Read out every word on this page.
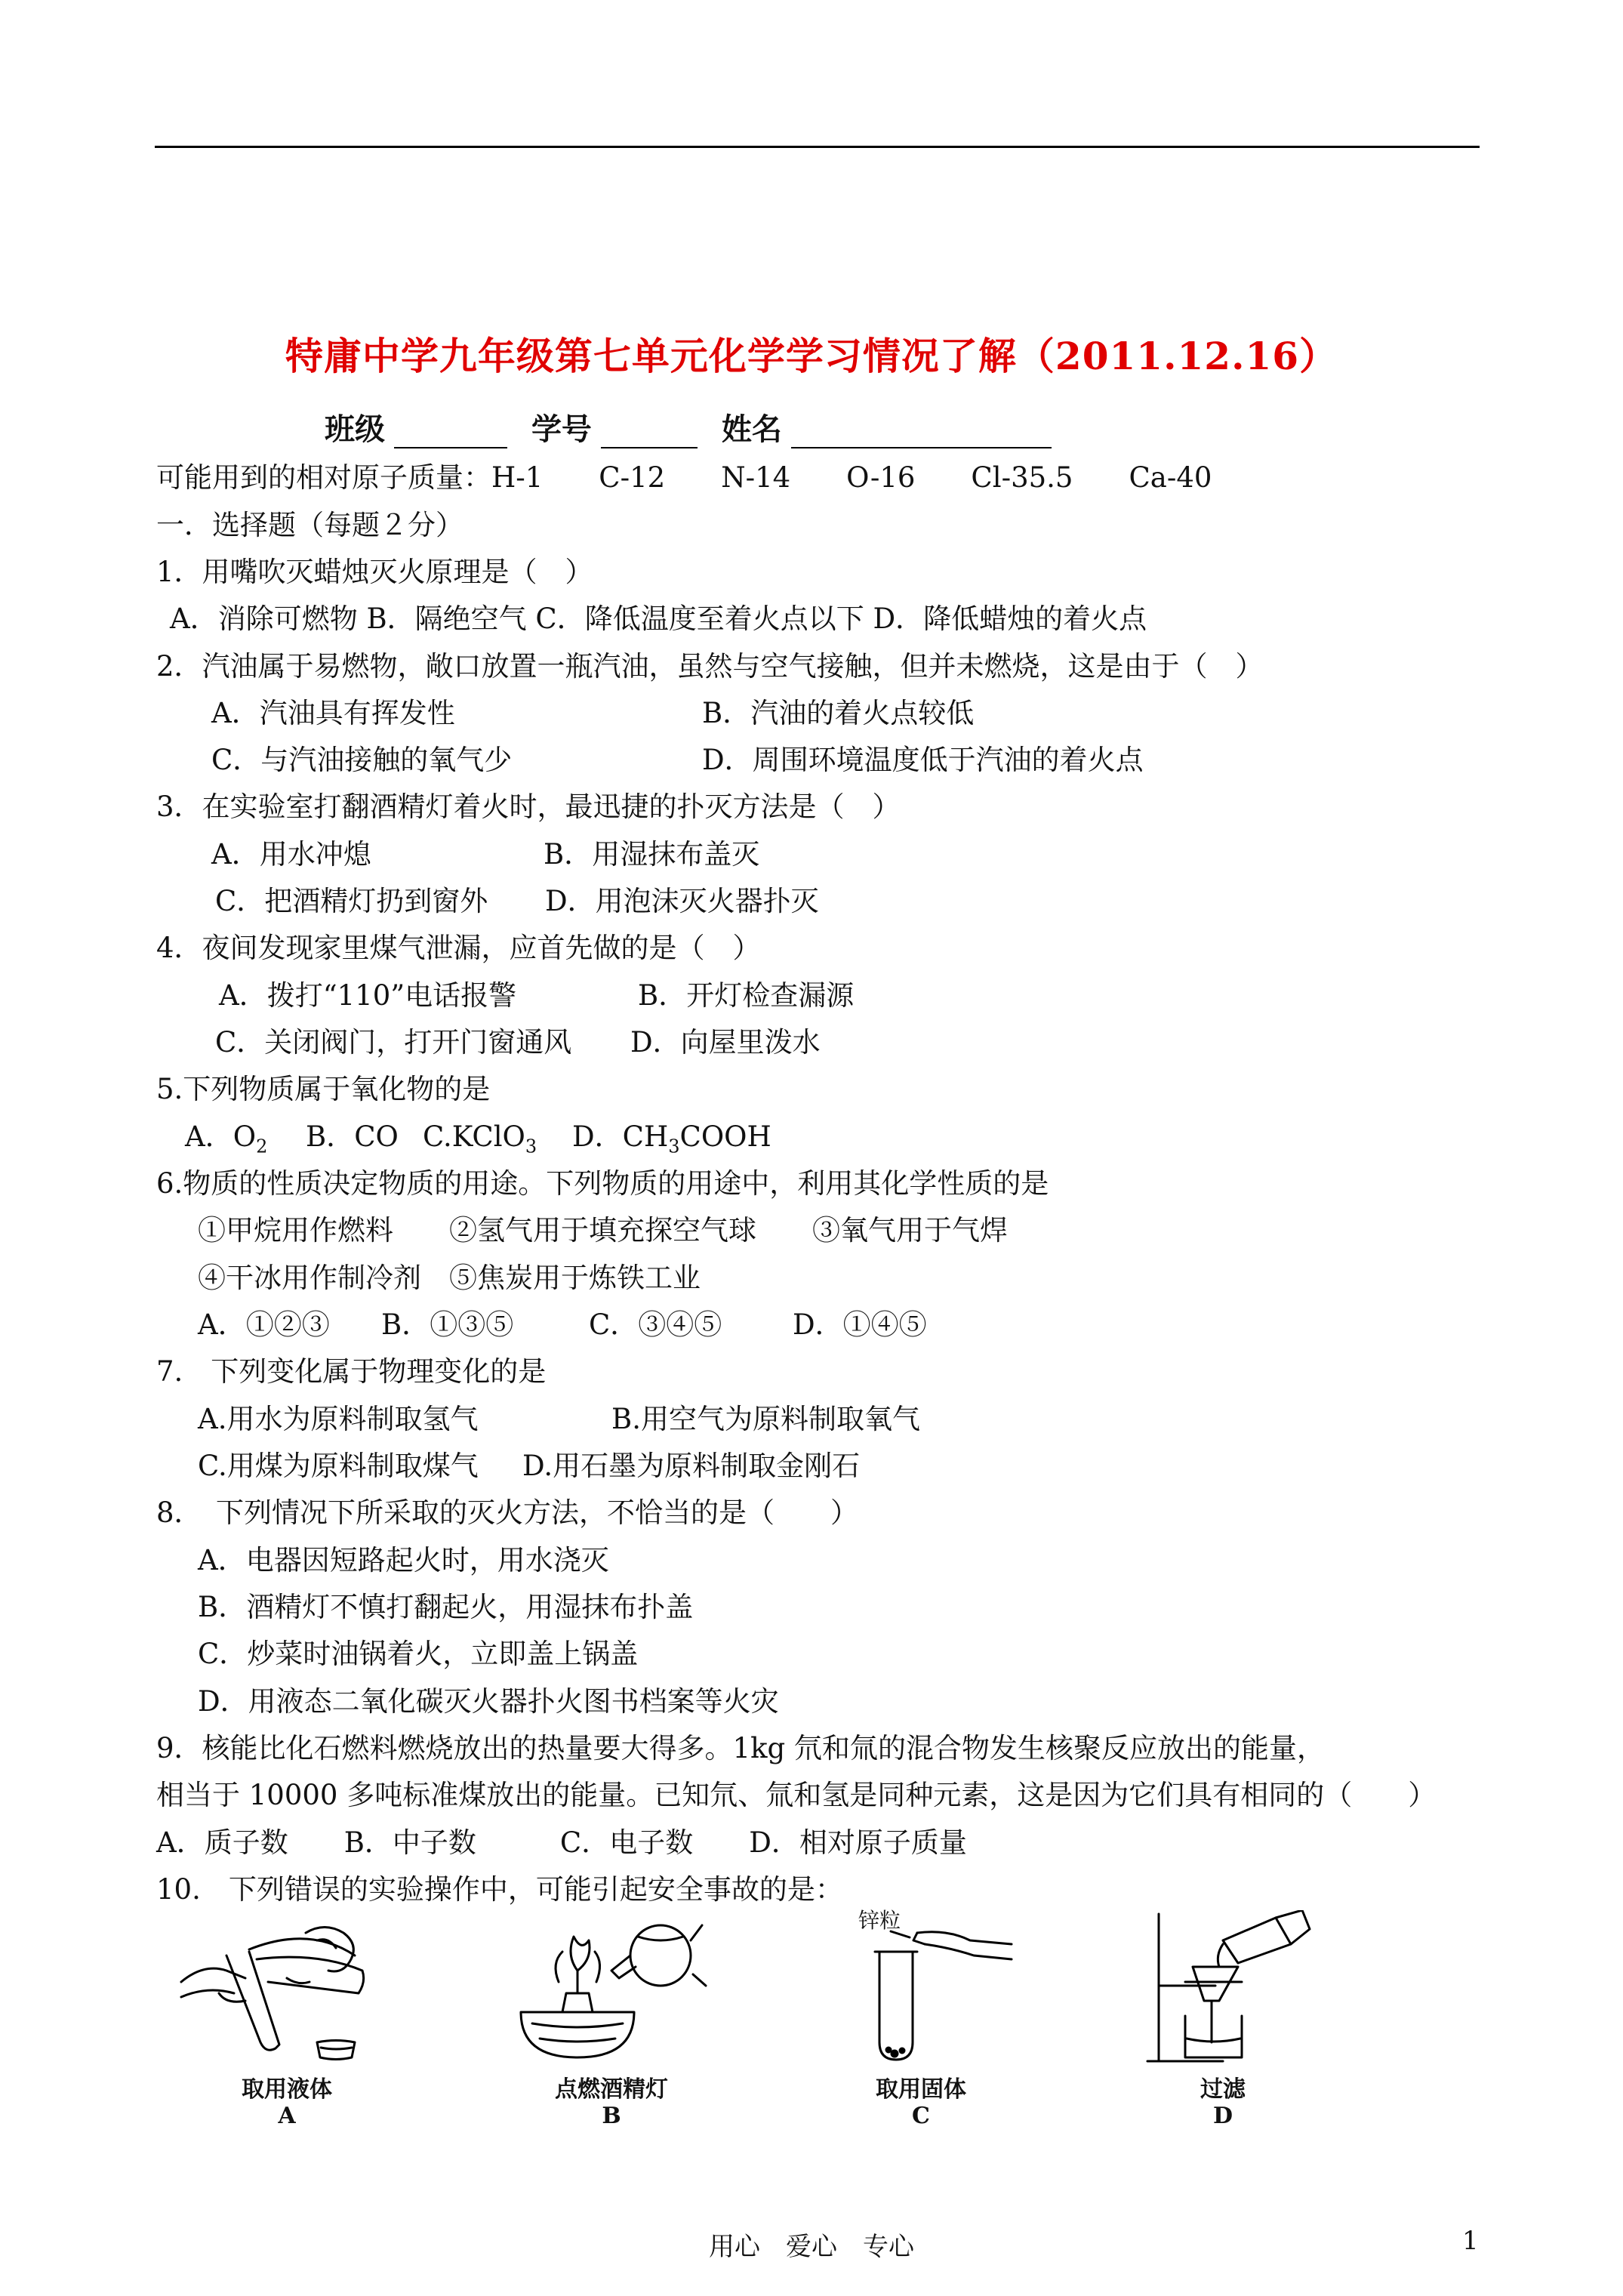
特庸中学九年级第七单元化学学习情况了解（2011.12.16）
班级	学号	姓名
可能用到的相对原子质量：H-1　　C-12　　N-14　　O-16　　Cl-35.5　　Ca-40
一．选择题（每题２分）
1．用嘴吹灭蜡烛灭火原理是（　）
A．消除可燃物 B．隔绝空气 C．降低温度至着火点以下 D．降低蜡烛的着火点
2．汽油属于易燃物，敞口放置一瓶汽油，虽然与空气接触，但并未燃烧，这是由于（　）
A．汽油具有挥发性	B．汽油的着火点较低
C．与汽油接触的氧气少	D．周围环境温度低于汽油的着火点
3．在实验室打翻酒精灯着火时，最迅捷的扑灭方法是（　）
A．用水冲熄	B．用湿抹布盖灭
C．把酒精灯扔到窗外 D．用泡沫灭火器扑灭
4．夜间发现家里煤气泄漏，应首先做的是（　）
A．拨打“110”电话报警	B．开灯检查漏源
C．关闭阀门，打开门窗通风 D．向屋里泼水
5.下列物质属于氧化物的是
A．$O_2$ B．CO C.KClO$_3$ D．$CH_3COOH$
6.物质的性质决定物质的用途。下列物质的用途中，利用其化学性质的是
①甲烷用作燃料　　②氢气用于填充探空气球　　③氧气用于气焊
④干冰用作制冷剂　⑤焦炭用于炼铁工业
A．①②③ B．①③⑤	C．③④⑤	D．①④⑤
7.　下列变化属于物理变化的是
A.用水为原料制取氢气	B.用空气为原料制取氧气
C.用煤为原料制取煤气 D.用石墨为原料制取金刚石
8．　下列情况下所采取的灭火方法，不恰当的是（　　）
A．电器因短路起火时，用水浇灭
B．酒精灯不慎打翻起火，用湿抹布扑盖
C．炒菜时油锅着火，立即盖上锅盖
D．用液态二氧化碳灭火器扑火图书档案等火灾
9．核能比化石燃料燃烧放出的热量要大得多。1kg 氘和氚的混合物发生核聚反应放出的能量，
相当于 10000 多吨标准煤放出的能量。已知氘、氚和氢是同种元素，这是因为它们具有相同的（　　）
A．质子数　　B．中子数　　　C．电子数　　D．相对原子质量
10.　下列错误的实验操作中，可能引起安全事故的是：
取用液体
A
点燃酒精灯
B
锌粒
取用固体
C
过滤
D
用心　爱心　专心	1
